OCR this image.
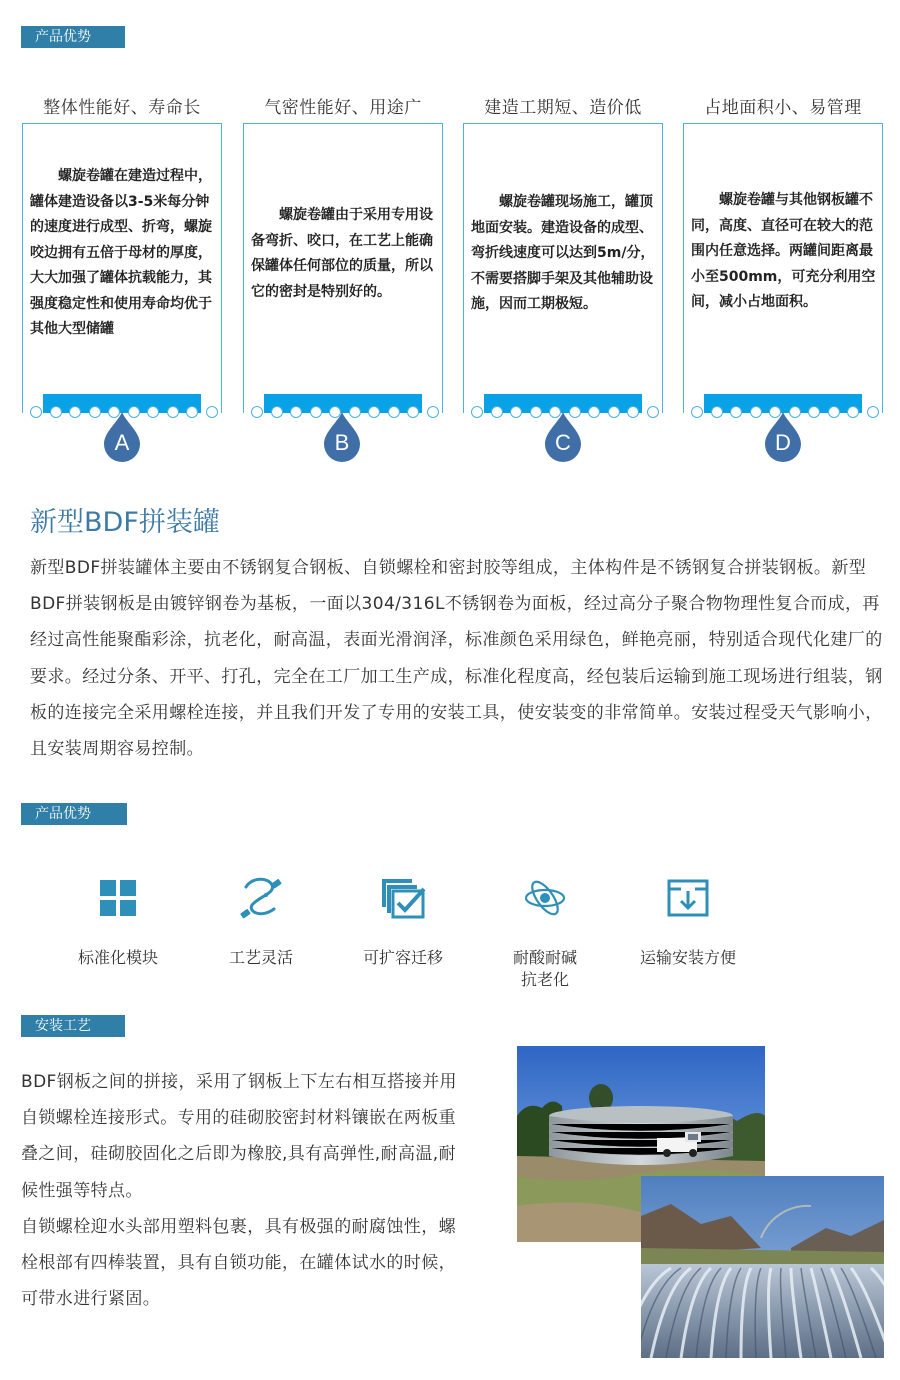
产品优势
整体性能好、寿命长	气密性能好、用途广	建造工期短、造价低	占地面积小、易管理
螺旋卷罐在建造过程中，罐体建造设备以3-5米每分钟的速度进行成型、折弯，螺旋咬边拥有五倍于母材的厚度，大大加强了罐体抗载能力，其强度稳定性和使用寿命均优于其他大型储罐
螺旋卷罐由于采用专用设备弯折、咬口，在工艺上能确保罐体任何部位的质量，所以它的密封是特别好的。
螺旋卷罐现场施工，罐顶地面安装。建造设备的成型、弯折线速度可以达到5m/分，不需要搭脚手架及其他辅助设施，因而工期极短。
螺旋卷罐与其他钢板罐不同，高度、直径可在较大的范围内任意选择。两罐间距离最小至500mm，可充分利用空间，减小占地面积。
A	B	C	D
新型BDF拼装罐
新型BDF拼装罐体主要由不锈钢复合钢板、自锁螺栓和密封胶等组成，主体构件是不锈钢复合拼装钢板。新型BDF拼装钢板是由镀锌钢卷为基板，一面以304/316L不锈钢卷为面板，经过高分子聚合物物理性复合而成，再经过高性能聚酯彩涂，抗老化，耐高温，表面光滑润泽，标准颜色采用绿色，鲜艳亮丽，特别适合现代化建厂的要求。经过分条、开平、打孔，完全在工厂加工生产成，标准化程度高，经包装后运输到施工现场进行组装，钢板的连接完全采用螺栓连接，并且我们开发了专用的安装工具，使安装变的非常简单。安装过程受天气影响小，且安装周期容易控制。
产品优势
标准化模块	工艺灵活	可扩容迁移	耐酸耐碱
抗老化
运输安装方便
安装工艺
BDF钢板之间的拼接，采用了钢板上下左右相互搭接并用自锁螺栓连接形式。专用的硅砌胶密封材料镶嵌在两板重叠之间，硅砌胶固化之后即为橡胶,具有高弹性,耐高温,耐候性强等特点。
自锁螺栓迎水头部用塑料包裹，具有极强的耐腐蚀性，螺栓根部有四棒装置，具有自锁功能，在罐体试水的时候，可带水进行紧固。
